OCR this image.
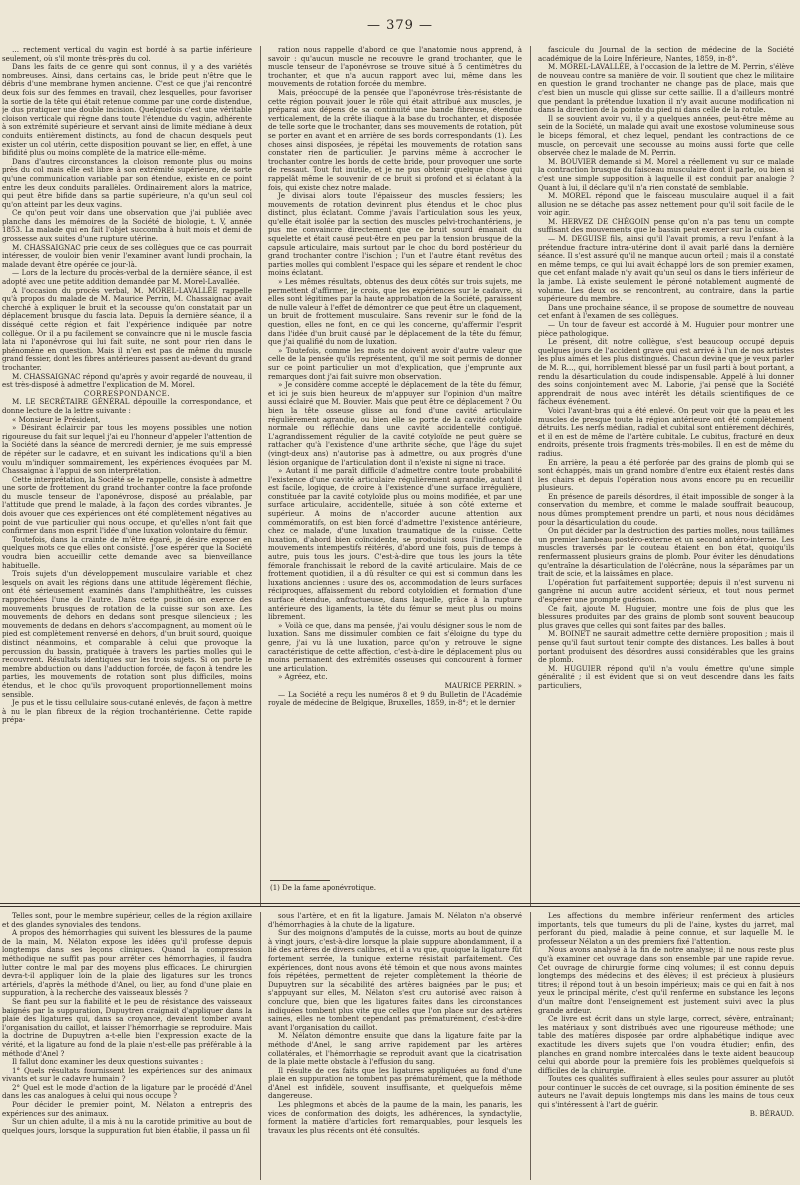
— 379 —

… rectement vertical du vagin est bordé à sa partie inférieure seulement, où s'il monte très-près du col.

Dans les faits de ce genre qui sont connus, il y a des variétés nombreuses. Ainsi, dans certains cas, le bride peut n'être que le débris d'une membrane hymen ancienne. C'est ce que j'ai rencontré deux fois sur des femmes en travail, chez lesquelles, pour favoriser la sortie de la tête qui était retenue comme par une corde distendue, je dus pratiquer une double incision. Quelquefois c'est une véritable cloison verticale qui règne dans toute l'étendue du vagin, adhérente à son extrémité supérieure et servant ainsi de limite médiane à deux conduits entièrement distincts, au fond de chacun desquels peut exister un col utérin, cette disposition pouvant se lier, en effet, à une bifidité plus ou moins complète de la matrice elle-même.

Dans d'autres circonstances la cloison remonte plus ou moins près du col mais elle est libre à son extrémité supérieure, de sorte qu'une communication variable par son étendue, existe en ce point entre les deux conduits parallèles. Ordinairement alors la matrice, qui peut être bifide dans sa partie supérieure, n'a qu'un seul col qu'on atteint par les deux vagins.

Ce qu'on peut voir dans une observation que j'ai publiée avec planche dans les mémoires de la Société de biologie, t. V, année 1853. La malade qui en fait l'objet succomba à huit mois et demi de grossesse aux suites d'une rupture utérine.

M. CHASSAIGNAC prie ceux de ses collègues que ce cas pourrait intéresser, de vouloir bien venir l'examiner avant lundi prochain, la malade devant être opérée ce jour-là.

— Lors de la lecture du procès-verbal de la dernière séance, il est adopté avec une petite addition demandée par M. Morel-Lavallée.

A l'occasion du procès verbal, M. MOREL-LAVALLÉE rappelle qu'à propos du malade de M. Maurice Perrin, M. Chassaignac avait cherché à expliquer le bruit et la secousse qu'on constatait par un déplacement brusque du fascia lata. Depuis la dernière séance, il a disséqué cette région et fait l'expérience indiquée par notre collègue. Or il a pu facilement se convaincre que ni le muscle fascia lata ni l'aponévrose qui lui fait suite, ne sont pour rien dans le phénomène en question. Mais il n'en est pas de même du muscle grand fessier, dont les fibres antérieures passent au-devant du grand trochanter.

M. CHASSAIGNAC répond qu'après y avoir regardé de nouveau, il est très-disposé à admettre l'explication de M. Morel.

CORRESPONDANCE.

M. LE SECRÉTAIRE GÉNÉRAL dépouille la correspondance, et donne lecture de la lettre suivante :

« Monsieur le Président,

» Désirant éclaircir par tous les moyens possibles une notion rigoureuse du fait sur lequel j'ai eu l'honneur d'appeler l'attention de la Société dans la séance de mercredi dernier, je me suis empressé de répéter sur le cadavre, et en suivant les indications qu'il a bien voulu m'indiquer sommairement, les expériences évoquées par M. Chassaignac à l'appui de son interprétation.

Cette interprétation, la Société se le rappelle, consiste à admettre une sorte de frottement du grand trochanter contre la face profonde du muscle tenseur de l'aponévrose, disposé au préalable, par l'attitude que prend le malade, à la façon des cordes vibrantes. Je dois avouer que ces expériences ont été complètement négatives au point de vue particulier qui nous occupe, et qu'elles n'ont fait que confirmer dans mon esprit l'idée d'une luxation volontaire du fémur.

Toutefois, dans la crainte de m'être égaré, je désire exposer en quelques mots ce que elles ont consisté. J'ose espérer que la Société voudra bien accueillir cette demande avec sa bienveillance habituelle.

Trois sujets d'un développement musculaire variable et chez lesquels on avait les régions dans une attitude légèrement fléchie, ont été sérieusement examinés dans l'amphithéâtre, les cuisses rapprochées l'une de l'autre. Dans cette position on exerce des mouvements brusques de rotation de la cuisse sur son axe. Les mouvements de dehors en dedans sont presque silencieux ; les mouvements de dedans en dehors s'accompagnent, au moment où le pied est complètement renversé en dehors, d'un bruit sourd, quoique distinct néanmoins, et comparable à celui que provoque la percussion du bassin, pratiquée à travers les parties molles qui le recouvrent. Résultats identiques sur les trois sujets. Si on porte le membre abduction ou dans l'adduction forcée, de façon à tendre les parties, les mouvements de rotation sont plus difficiles, moins étendus, et le choc qu'ils provoquent proportionnellement moins sensible.

Je pus et le tissu cellulaire sous-cutané enlevés, de façon à mettre à nu le plan fibreux de la région trochantérienne. Cette rapide prépa-

ration nous rappelle d'abord ce que l'anatomie nous apprend, à savoir : qu'aucun muscle ne recouvre le grand trochanter, que le muscle tenseur de l'aponévrose se trouve situé à 5 centimètres du trochanter, et que n'a aucun rapport avec lui, même dans les mouvements de rotation forcée du membre.

Mais, préoccupé de la pensée que l'aponévrose très-résistante de cette région pouvait jouer le rôle qui était attribué aux muscles, je préparai aux dépens de sa continuité une bande fibreuse, étendue verticalement, de la crête iliaque à la base du trochanter, et disposée de telle sorte que le trochanter, dans ses mouvements de rotation, pût se porter en avant et en arrière de ses bords correspondants (1). Les choses ainsi disposées, je répétai les mouvements de rotation sans constater rien de particulier. Je parvins même à accrocher le trochanter contre les bords de cette bride, pour provoquer une sorte de ressaut. Tout fut inutile, et je ne pus obtenir quelque chose qui rappelât même le souvenir de ce bruit si profond et si éclatant à la fois, qui existe chez notre malade.

Je divisai alors toute l'épaisseur des muscles fessiers; les mouvements de rotation devinrent plus étendus et le choc plus distinct, plus éclatant. Comme j'avais l'articulation sous les yeux, qu'elle était isolée par la section des muscles pelvi-trochantériens, je pus me convaincre directement que ce bruit sourd émanait du squelette et était causé peut-être en peu par la tension brusque de la capsule articulaire, mais surtout par le choc du bord postérieur du grand trochanter contre l'ischion ; l'un et l'autre étant revêtus des parties molles qui comblent l'espace qui les sépare et rendent le choc moins éclatant.

» Les mêmes résultats, obtenus des deux côtés sur trois sujets, me permettent d'affirmer, je crois, que les expériences sur le cadavre, si elles sont légitimes par la haute approbation de la Société, paraissent de nulle valeur à l'effet de démontrer ce que peut être un claquement, un bruit de frottement musculaire. Sans revenir sur le fond de la question, elles ne font, en ce qui les concerne, qu'affermir l'esprit dans l'idée d'un bruit causé par le déplacement de la tête du fémur, que j'ai qualifié du nom de luxation.

» Toutefois, comme les mots ne doivent avoir d'autre valeur que celle de la pensée qu'ils représentent, qu'il me soit permis de donner sur ce point particulier un mot d'explication, que j'emprunte aux remarques dont j'ai fait suivre mon observation.

» Je considère comme accepté le déplacement de la tête du fémur, et ici je suis bien heureux de m'appuyer sur l'opinion d'un maître aussi éclairé que M. Bouvier. Mais que peut être ce déplacement ? Ou bien la tête osseuse glisse au fond d'une cavité articulaire régulièrement agrandie, ou bien elle se porte de la cavité cotyloïde normale ou réfléchie dans une cavité accidentelle contiguë. L'agrandissement régulier de la cavité cotyloïde ne peut guère se rattacher qu'à l'existence d'une arthrite sèche, que l'âge du sujet (vingt-deux ans) n'autorise pas à admettre, ou aux progrès d'une lésion organique de l'articulation dont il n'existe ni signe ni trace.

» Autant il me paraît difficile d'admettre contre toute probabilité l'existence d'une cavité articulaire régulièrement agrandie, autant il est facile, logique, de croire à l'existence d'une surface irrégulière, constituée par la cavité cotyloïde plus ou moins modifiée, et par une surface articulaire, accidentelle, située à son côté externe et supérieur. A moins de n'accorder aucune attention aux commémoratifs, on est bien forcé d'admettre l'existence antérieure, chez ce malade, d'une luxation traumatique de la cuisse. Cette luxation, d'abord bien coïncidente, se produisit sous l'influence de mouvements intempestifs réitérés, d'abord une fois, puis de temps à autre, puis tous les jours. C'est-à-dire que tous les jours la tête fémorale franchissait le rebord de la cavité articulaire. Mais de ce frottement quotidien, il a dû résulter ce qui est si commun dans les luxations anciennes : usure des os, accommodation de leurs surfaces réciproques, affaissement du rebord cotyloïdien et formation d'une surface étendue, anfractueuse, dans laquelle, grâce à la rupture antérieure des ligaments, la tête du fémur se meut plus ou moins librement.

» Voilà ce que, dans ma pensée, j'ai voulu désigner sous le nom de luxation. Sans me dissimuler combien ce fait s'éloigne du type du genre, j'ai vu là une luxation, parce qu'on y retrouve le signe caractéristique de cette affection, c'est-à-dire le déplacement plus ou moins permanent des extrémités osseuses qui concourent à former une articulation.

» Agréez, etc.

MAURICE PERRIN. »

— La Société a reçu les numéros 8 et 9 du Bulletin de l'Académie royale de médecine de Belgique, Bruxelles, 1859, in-8°; et le dernier

fascicule du Journal de la section de médecine de la Société académique de la Loire Inférieure, Nantes, 1859, in-8°.

M. MOREL-LAVALLÉE, à l'occasion de la lettre de M. Perrin, s'élève de nouveau contre sa manière de voir. Il soutient que chez le militaire en question le grand trochanter ne change pas de place, mais que c'est bien un muscle qui glisse sur cette saillie. Il a d'ailleurs montré que pendant la prétendue luxation il n'y avait aucune modification ni dans la direction de la pointe du pied ni dans celle de la rotule.

Il se souvient avoir vu, il y a quelques années, peut-être même au sein de la Société, un malade qui avait une exostose volumineuse sous le biceps fémoral, et chez lequel, pendant les contractions de ce muscle, on percevait une secousse au moins aussi forte que celle observée chez le malade de M. Perrin.

M. BOUVIER demande si M. Morel a réellement vu sur ce malade la contraction brusque du faisceau musculaire dont il parle, ou bien si c'est une simple supposition à laquelle il est conduit par analogie ? Quant à lui, il déclare qu'il n'a rien constaté de semblable.

M. MOREL répond que le faisceau musculaire auquel il a fait allusion ne se détache pas assez nettement pour qu'il soit facile de le voir agir.

M. HERVEZ DE CHÉGOIN pense qu'on n'a pas tenu un compte suffisant des mouvements que le bassin peut exercer sur la cuisse.

— M. DEGUISE fils, ainsi qu'il l'avait promis, a revu l'enfant à la prétendue fracture intra-utérine dont il avait parlé dans la dernière séance. Il s'est assuré qu'il ne manque aucun orteil ; mais il a constaté en même temps, ce qui lui avait échappé lors de son premier examen, que cet enfant malade n'y avait qu'un seul os dans le tiers inférieur de la jambe. Là existe seulement le péroné notablement augmenté de volume. Les deux os se rencontrent, au contraire, dans la partie supérieure du membre.

Dans une prochaine séance, il se propose de soumettre de nouveau cet enfant à l'examen de ses collègues.

— Un tour de faveur est accordé à M. Huguier pour montrer une pièce pathologique.

Le présent, dit notre collègue, s'est beaucoup occupé depuis quelques jours de l'accident grave qui est arrivé à l'un de nos artistes les plus aimés et les plus distingués. Chacun devine que je veux parler de M. R…, qui, horriblement blessé par un fusil parti à bout portant, a rendu la désarticulation du coude indispensable. Appelé à lui donner des soins conjointement avec M. Laborie, j'ai pensé que la Société apprendrait de nous avec intérêt les détails scientifiques de ce fâcheux événement.

Voici l'avant-bras qui a été enlevé. On peut voir que la peau et les muscles de presque toute la région antérieure ont été complètement détruits. Les nerfs médian, radial et cubital sont entièrement déchirés, et il en est de même de l'artère cubitale. Le cubitus, fracturé en deux endroits, présente trois fragments très-mobiles. Il en est de même du radius.

En arrière, la peau a été perforée par des grains de plomb qui se sont échappés, mais un grand nombre d'entre eux étaient restés dans les chairs et depuis l'opération nous avons encore pu en recueillir plusieurs.

En présence de pareils désordres, il était impossible de songer à la conservation du membre, et comme le malade souffrait beaucoup, nous dûmes promptement prendre un parti, et nous nous décidâmes pour la désarticulation du coude.

On put décider par la destruction des parties molles, nous taillâmes un premier lambeau postéro-externe et un second antéro-interne. Les muscles traversés par le couteau étaient en bon état, quoiqu'ils renfermassent plusieurs grains de plomb. Pour éviter les dénudations qu'entraîne la désarticulation de l'olécrâne, nous la séparâmes par un trait de scie, et la laissâmes en place.

L'opération fut parfaitement supportée; depuis il n'est survenu ni gangrène ni aucun autre accident sérieux, et tout nous permet d'espérer une prompte guérison.

Ce fait, ajoute M. Huguier, montre une fois de plus que les blessures produites par des grains de plomb sont souvent beaucoup plus graves que celles qui sont faites par des balles.

M. BOINET ne saurait admettre cette dernière proposition ; mais il pense qu'il faut surtout tenir compte des distances. Les balles à bout portant produisent des désordres aussi considérables que les grains de plomb.

M. HUGUIER répond qu'il n'a voulu émettre qu'une simple généralité ; il est évident que si on veut descendre dans les faits particuliers,

(1) De la fame aponévrotique.

Telles sont, pour le membre supérieur, celles de la région axillaire et des glandes synoviales des tendons.

A propos des hémorrhagies qui suivent les blessures de la paume de la main, M. Nélaton expose les idées qu'il professe depuis longtemps dans ses leçons cliniques. Quand la compression méthodique ne suffit pas pour arrêter ces hémorrhagies, il faudra lutter contre le mal par des moyens plus efficaces. Le chirurgien devra-t-il appliquer loin de la plaie des ligatures sur les troncs artériels, d'après la méthode d'Anel, ou lier, au fond d'une plaie en suppuration, à la recherche des vaisseaux blessés ?

Se fiant peu sur la fiabilité et le peu de résistance des vaisseaux baignés par la suppuration, Dupuytren craignait d'appliquer dans la plaie des ligatures qui, dans sa croyance, devaient tomber avant l'organisation du caillot, et laisser l'hémorrhagie se reproduire. Mais la doctrine de Dupuytren a-t-elle bien l'expression exacte de la vérité, et la ligature au fond de la plaie n'est-elle pas préférable à la méthode d'Anel ?

Il fallut donc examiner les deux questions suivantes :

1° Quels résultats fournissent les expériences sur des animaux vivants et sur le cadavre humain ?

2° Quel est le mode d'action de la ligature par le procédé d'Anel dans les cas analogues à celui qui nous occupe ?

Pour décider le premier point, M. Nélaton a entrepris des expériences sur des animaux.

Sur un chien adulte, il a mis à nu la carotide primitive au bout de quelques jours, lorsque la suppuration fut bien établie, il passa un fil

sous l'artère, et en fit la ligature. Jamais M. Nélaton n'a observé d'hémorrhagies à la chute de la ligature.

Sur des moignons d'amputés de la cuisse, morts au bout de quinze à vingt jours, c'est-à-dire lorsque la plaie suppure abondamment, il a lié des artères de divers calibres, et il a vu que, quoique la ligature fût fortement serrée, la tunique externe résistait parfaitement. Ces expériences, dont nous avons été témoin et que nous avons maintes fois répétées, permettent de rejeter complètement la théorie de Dupuytren sur la sécabilité des artères baignées par le pus; et s'appuyant sur elles, M. Nélaton s'est cru autorisé avec raison à conclure que, bien que les ligatures faites dans les circonstances indiquées tombent plus vite que celles que l'on place sur des artères saines, elles ne tombent cependant pas prématurément, c'est-à-dire avant l'organisation du caillot.

M. Nélaton démontre ensuite que dans la ligature faite par la méthode d'Anel, le sang arrive rapidement par les artères collatérales, et l'hémorrhagie se reproduit avant que la cicatrisation de la plaie mette obstacle à l'effusion du sang.

Il résulte de ces faits que les ligatures appliquées au fond d'une plaie en suppuration ne tombent pas prématurément, que la méthode d'Anel est infidèle, souvent insuffisante, et quelquefois même dangereuse.

Les phlegmons et abcès de la paume de la main, les panaris, les vices de conformation des doigts, les adhérences, la syndactylie, forment la matière d'articles fort remarquables, pour lesquels les travaux les plus récents ont été consultés.

Les affections du membre inférieur renferment des articles importants, tels que tumeurs du pli de l'aine, kystes du jarret, mal perforant du pied, maladie à peine connue, et sur laquelle M. le professeur Nélaton a un des premiers fixé l'attention.

Nous avons analysé à la fin de notre analyse; il ne nous reste plus qu'à examiner cet ouvrage dans son ensemble par une rapide revue. Cet ouvrage de chirurgie forme cinq volumes; il est connu depuis longtemps des médecins et des élèves; il est précieux à plusieurs titres; il répond tout à un besoin impérieux; mais ce qui en fait à nos yeux le principal mérite, c'est qu'il renferme en substance les leçons d'un maître dont l'enseignement est justement suivi avec la plus grande ardeur.

Ce livre est écrit dans un style large, correct, sévère, entraînant; les matériaux y sont distribués avec une rigoureuse méthode; une table des matières disposée par ordre alphabétique indique avec exactitude les divers sujets que l'on voudra étudier; enfin, des planches en grand nombre intercalées dans le texte aident beaucoup celui qui aborde pour la première fois les problèmes quelquefois si difficiles de la chirurgie.

Toutes ces qualités suffiraient à elles seules pour assurer au plutôt pour continuer le succès de cet ouvrage, si la position éminente de ses auteurs ne l'avait depuis longtemps mis dans les mains de tous ceux qui s'intéressent à l'art de guérir.

B. BÉRAUD.
